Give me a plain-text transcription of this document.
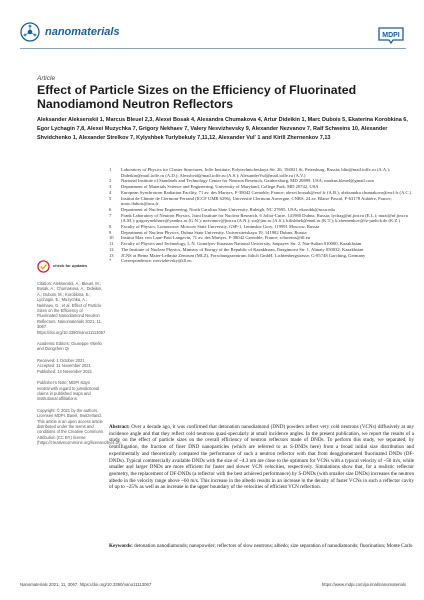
nanomaterials	MDPI
Article
Effect of Particle Sizes on the Efficiency of Fluorinated Nanodiamond Neutron Reflectors
Aleksander Aleksenskii 1, Marcus Bleuel 2,3, Alexei Bosak 4, Alexandra Chumakova 4, Artur Dideikin 1, Marc Dubois 5, Ekaterina Korobkina 6, Egor Lychagin 7,8, Alexei Muzychka 7, Grigory Nekhaev 7, Valery Nesvizhevsky 9, Alexander Nezvanov 7, Ralf Schweins 10, Alexander Shvidchenko 1, Alexander Strelkov 7, Kylyshbek Turlybekuly 7,11,12, Alexander Vul' 1 and Kirill Zhernenkov 7,13
1	Laboratory of Physics for Cluster Structures, Ioffe Institute, Polytechnicheskaya Str. 26, 194021 St. Petersburg, Russia; blin@mail.ioffe.ru (A.A.); Dideikin@mail.ioffe.ru (A.D.); Alexshvid@mail.ioffe.ru (A.S.); AlexanderVul@mail.ioffe.ru (A.V.)
2	National Institute of Standards and Technology Center for Neutron Research, Gaithersburg, MD 20899, USA; markus.bleuel@gmail.com
3	Department of Materials Science and Engineering, University of Maryland, College Park, MD 20742, USA
4	European Synchrotron Radiation Facility, 71 av. des Martyrs, F-38042 Grenoble, France; alexei.bossak@esrf.fr (A.B.); aleksandra.chumakova@esrf.fr (A.C.)
5	Institut de Chimie de Clermont-Ferrand (ICCF UMR 6296), Université Clermont Auvergne, CNRS, 24 av. Blaise Pascal, F-63178 Aubière, France; marc.dubois@uca.fr
6	Department of Nuclear Engineering, North Carolina State University, Raleigh, NC 27695, USA; ekorobk@ncsu.edu
7	Frank Laboratory of Neutron Physics, Joint Institute for Nuclear Research, 6 Joliot-Curie, 141980 Dubna, Russia; lychag@nf.jinr.ru (E.L.); muzi@nf.jinr.ru (A.M.); grigorynekhaev@yandex.ru (G.N.); nezvanov@jinr.ru (A.N.); str@jinr.ru (A.S.); kilishbek@mail.ru (K.T.); k.zhernenkov@fz-juelich.de (K.Z.)
8	Faculty of Physics, Lomonosov Moscow State University, GSP-1, Leninskie Gory, 119991 Moscow, Russia
9	Department of Nuclear Physics, Dubna State University, Universitetskaya 19, 141982 Dubna, Russia
10	Institut Max von Laue-Paul Langevin, 71 av. des Martyrs, F-38042 Grenoble, France; schweins@ill.eu
11	Faculty of Physics and Technology, L.N. Gumilyov Eurasian National University, Satpayev Str. 2, Nur-Sultan 010000, Kazakhstan
12	The Institute of Nuclear Physics, Ministry of Energy of the Republic of Kazakhstan, Ibragimova Str. 1, Almaty 050032, Kazakhstan
13	JCNS at Heinz Maier-Leibnitz Zentrum (MLZ), Forschungszentrum Jülich GmbH, Lichtenbergstrasse, G-85748 Garching, Germany
*	Correspondence: nesvizhevsky@ill.eu
check for updates
Citation: Aleksenskii, A.; Bleuel, M.; Bosak, A.; Chumakova, A.; Dideikin, A.; Dubois, M.; Korobkina, E.; Lychagin, E.; Muzychka, A.; Nekhaev, G.; et al. Effect of Particle Sizes on the Efficiency of Fluorinated Nanodiamond Neutron Reflectors. Nanomaterials 2021, 11, 3067. https://doi.org/10.3390/nano11113067
Academic Editors: Giuseppe Vitiello and Dongchen Qi
Received: 1 October 2021
Accepted: 11 November 2021
Published: 14 November 2021
Publisher's Note: MDPI stays neutral with regard to jurisdictional claims in published maps and institutional affiliations.
Copyright: © 2021 by the authors. Licensee MDPI, Basel, Switzerland. This article is an open access article distributed under the terms and conditions of the Creative Commons Attribution (CC BY) license (https://creativecommons.org/licenses/by/4.0/).
Abstract: Over a decade ago, it was confirmed that detonation nanodiamond (DND) powders reflect very cold neutrons (VCNs) diffusively at any incidence angle and that they reflect cold neutrons quasi-specularly at small incidence angles. In the present publication, we report the results of a study on the effect of particle sizes on the overall efficiency of neutron reflectors made of DNDs. To perform this study, we separated, by centrifugation, the fraction of finer DND nanoparticles (which are referred to as S-DNDs here) from a broad initial size distribution and experimentally and theoretically compared the performance of such a neutron reflector with that from deagglomerated fluorinated DNDs (DF-DNDs). Typical commercially available DNDs with the size of ~4.3 nm are close to the optimum for VCNs with a typical velocity of ~50 m/s, while smaller and larger DNDs are more efficient for faster and slower VCN velocities, respectively. Simulations show that, for a realistic reflector geometry, the replacement of DF-DNDs (a reflector with the best achieved performance) by S-DNDs (with smaller size DNDs) increases the neutron albedo in the velocity range above ~60 m/s. This increase in the albedo results in an increase in the density of faster VCNs in such a reflector cavity of up to ~25% as well as an increase in the upper boundary of the velocities of efficient VCN reflection.
Keywords: detonation nanodiamonds; nanopowder; reflectors of slow neutrons; albedo; size separation of nanodiamonds; fluorination; Monte Carlo
Nanomaterials 2021, 11, 3067. https://doi.org/10.3390/nano11113067	https://www.mdpi.com/journal/nanomaterials
